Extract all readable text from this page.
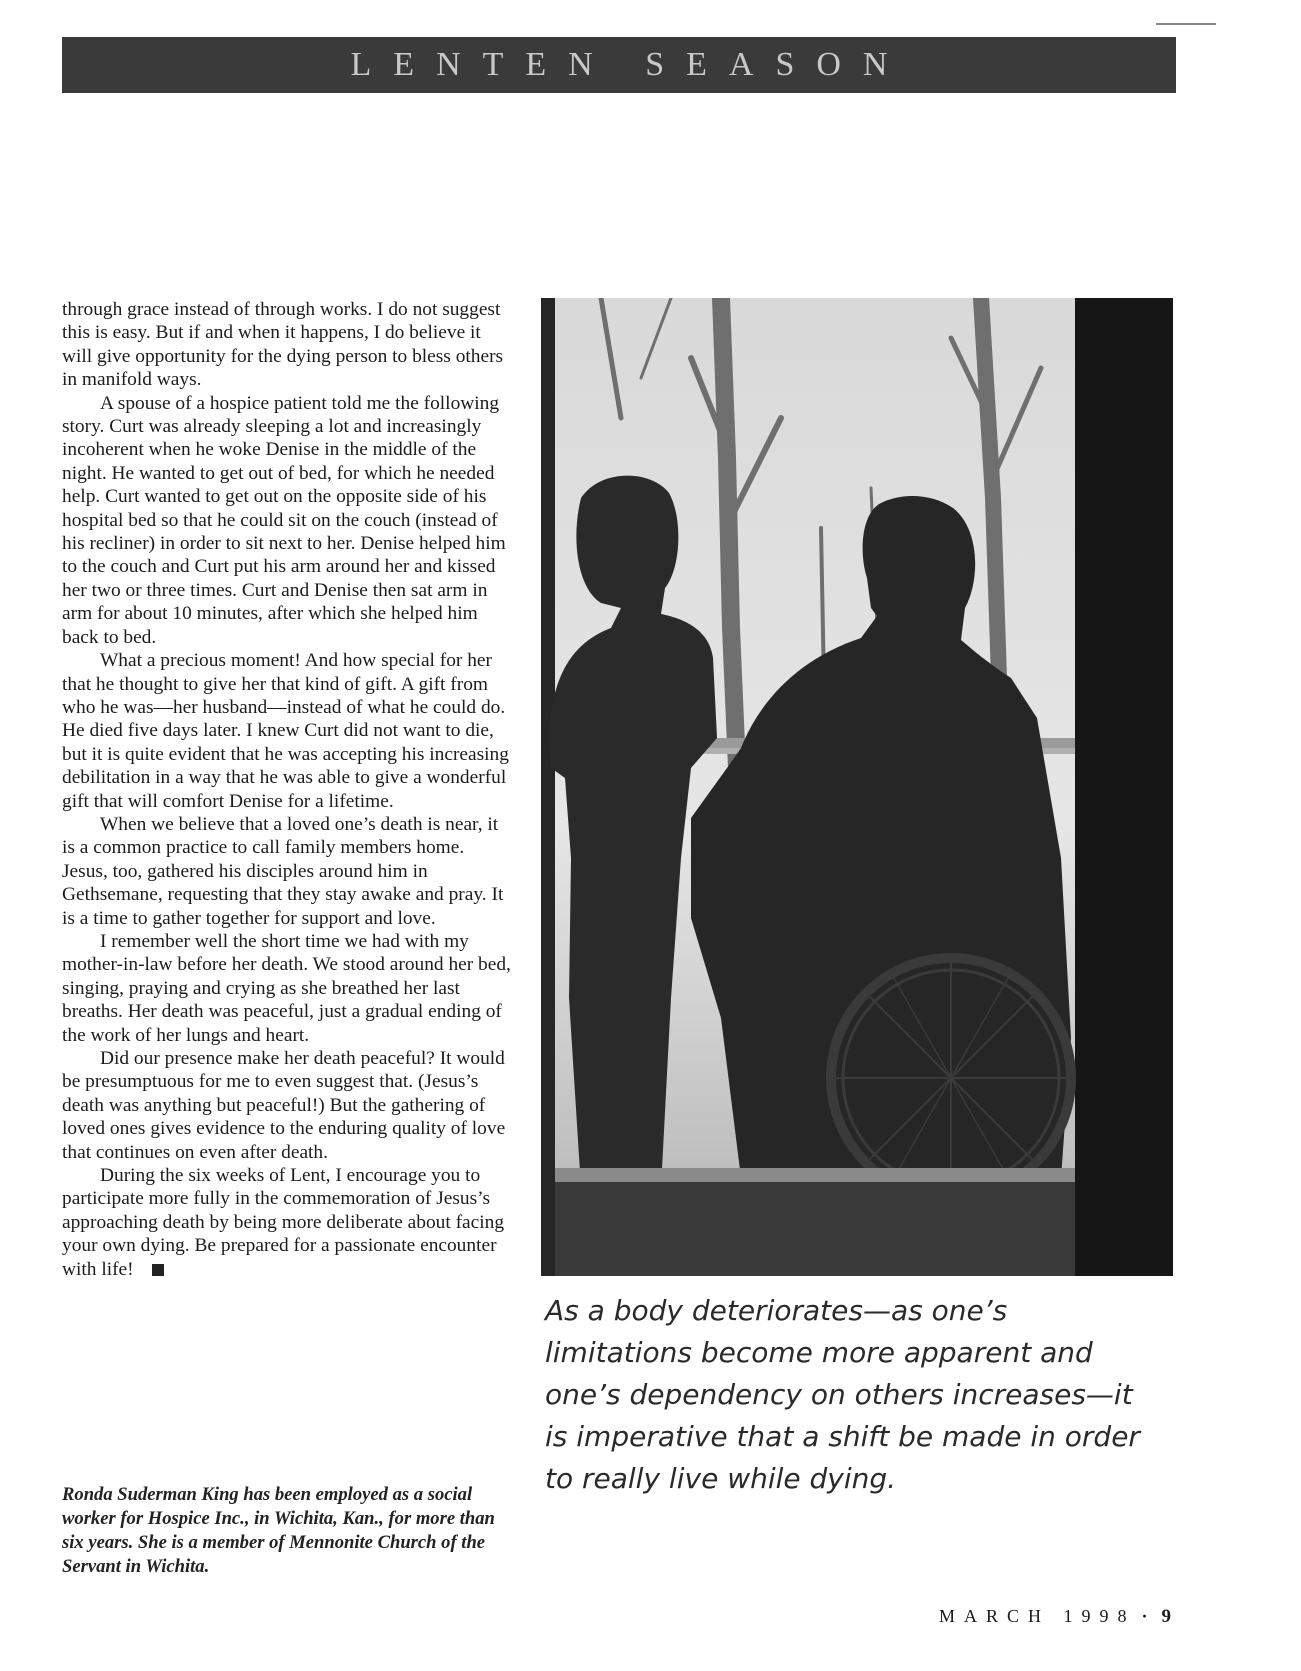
LENTEN SEASON

through grace instead of through works. I do not suggest this is easy. But if and when it happens, I do believe it will give opportunity for the dying person to bless others in manifold ways.

A spouse of a hospice patient told me the following story. Curt was already sleeping a lot and increasingly incoherent when he woke Denise in the middle of the night. He wanted to get out of bed, for which he needed help. Curt wanted to get out on the opposite side of his hospital bed so that he could sit on the couch (instead of his recliner) in order to sit next to her. Denise helped him to the couch and Curt put his arm around her and kissed her two or three times. Curt and Denise then sat arm in arm for about 10 minutes, after which she helped him back to bed.

What a precious moment! And how special for her that he thought to give her that kind of gift. A gift from who he was—her husband—instead of what he could do. He died five days later. I knew Curt did not want to die, but it is quite evident that he was accepting his increasing debilitation in a way that he was able to give a wonderful gift that will comfort Denise for a lifetime.

When we believe that a loved one’s death is near, it is a common practice to call family members home. Jesus, too, gathered his disciples around him in Gethsemane, requesting that they stay awake and pray. It is a time to gather together for support and love.

I remember well the short time we had with my mother-in-law before her death. We stood around her bed, singing, praying and crying as she breathed her last breaths. Her death was peaceful, just a gradual ending of the work of her lungs and heart.

Did our presence make her death peaceful? It would be presumptuous for me to even suggest that. (Jesus’s death was anything but peaceful!) But the gathering of loved ones gives evidence to the enduring quality of love that continues on even after death.

During the six weeks of Lent, I encourage you to participate more fully in the commemoration of Jesus’s approaching death by being more deliberate about facing your own dying. Be prepared for a passionate encounter with life!

Ronda Suderman King has been employed as a social worker for Hospice Inc., in Wichita, Kan., for more than six years. She is a member of Mennonite Church of the Servant in Wichita.
As a body deteriorates—as one’s limitations become more apparent and one’s dependency on others increases—it is imperative that a shift be made in order to really live while dying.
MARCH 1998 · 9
